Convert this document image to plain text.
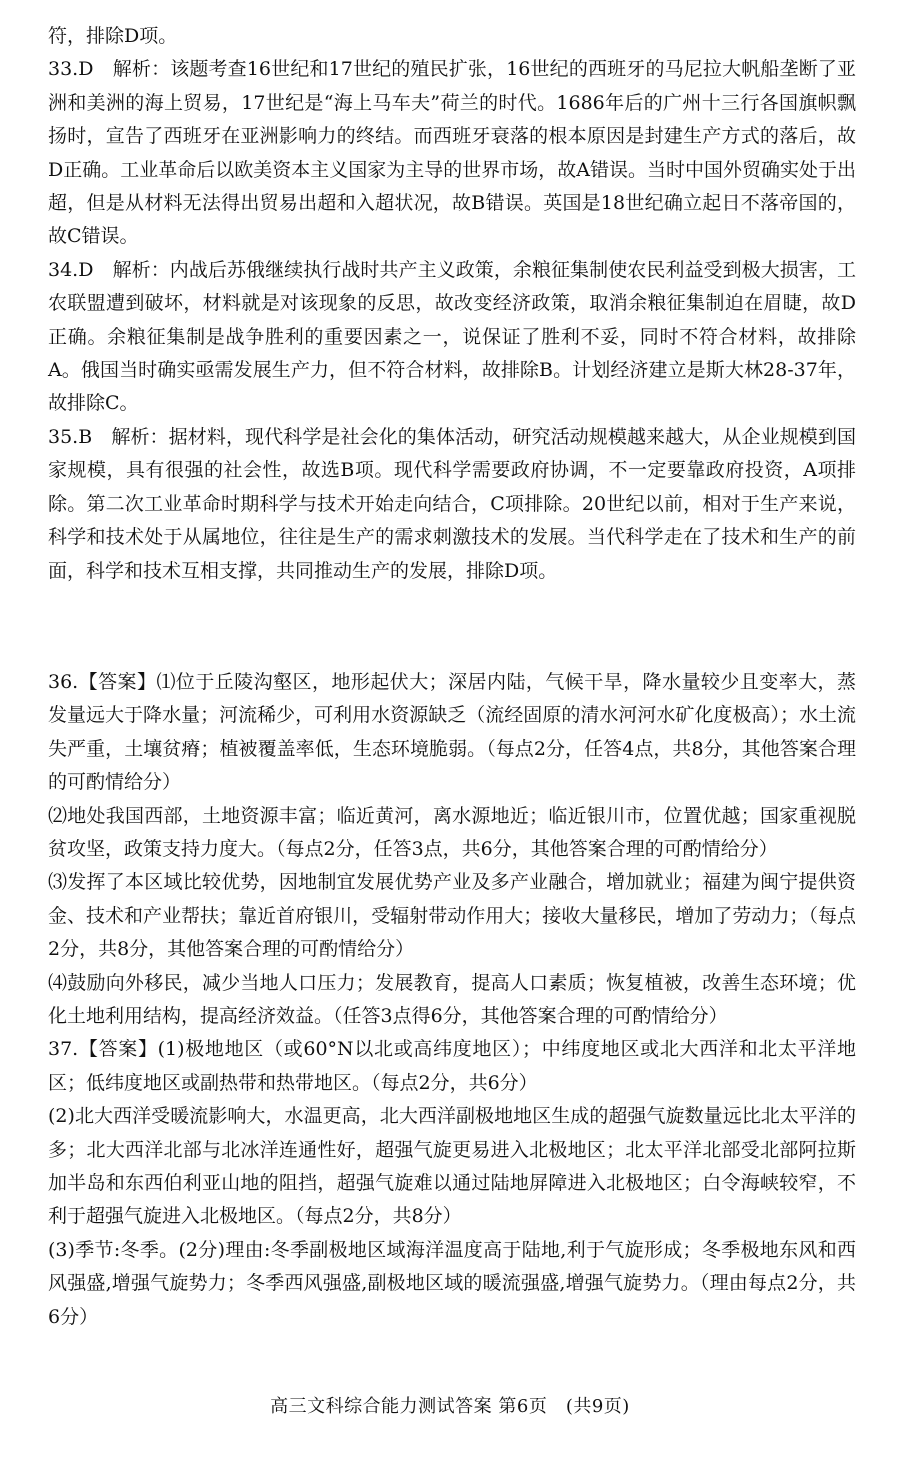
符，排除D项。

33.D　解析：该题考查16世纪和17世纪的殖民扩张，16世纪的西班牙的马尼拉大帆船垄断了亚洲和美洲的海上贸易，17世纪是“海上马车夫”荷兰的时代。1686年后的广州十三行各国旗帜飘扬时，宣告了西班牙在亚洲影响力的终结。而西班牙衰落的根本原因是封建生产方式的落后，故D正确。工业革命后以欧美资本主义国家为主导的世界市场，故A错误。当时中国外贸确实处于出超，但是从材料无法得出贸易出超和入超状况，故B错误。英国是18世纪确立起日不落帝国的，故C错误。

34.D　解析：内战后苏俄继续执行战时共产主义政策，余粮征集制使农民利益受到极大损害，工农联盟遭到破坏，材料就是对该现象的反思，故改变经济政策，取消余粮征集制迫在眉睫，故D正确。余粮征集制是战争胜利的重要因素之一，说保证了胜利不妥，同时不符合材料，故排除A。俄国当时确实亟需发展生产力，但不符合材料，故排除B。计划经济建立是斯大林28-37年，故排除C。

35.B　解析：据材料，现代科学是社会化的集体活动，研究活动规模越来越大，从企业规模到国家规模，具有很强的社会性，故选B项。现代科学需要政府协调，不一定要靠政府投资，A项排除。第二次工业革命时期科学与技术开始走向结合，C项排除。20世纪以前，相对于生产来说，科学和技术处于从属地位，往往是生产的需求刺激技术的发展。当代科学走在了技术和生产的前面，科学和技术互相支撑，共同推动生产的发展，排除D项。

36.【答案】⑴位于丘陵沟壑区，地形起伏大；深居内陆，气候干旱，降水量较少且变率大，蒸发量远大于降水量；河流稀少，可利用水资源缺乏（流经固原的清水河河水矿化度极高）；水土流失严重，土壤贫瘠；植被覆盖率低，生态环境脆弱。（每点2分，任答4点，共8分，其他答案合理的可酌情给分）

⑵地处我国西部，土地资源丰富；临近黄河，离水源地近；临近银川市，位置优越；国家重视脱贫攻坚，政策支持力度大。（每点2分，任答3点，共6分，其他答案合理的可酌情给分）

⑶发挥了本区域比较优势，因地制宜发展优势产业及多产业融合，增加就业；福建为闽宁提供资金、技术和产业帮扶；靠近首府银川，受辐射带动作用大；接收大量移民，增加了劳动力；（每点2分，共8分，其他答案合理的可酌情给分）

⑷鼓励向外移民，减少当地人口压力；发展教育，提高人口素质；恢复植被，改善生态环境；优化土地利用结构，提高经济效益。（任答3点得6分，其他答案合理的可酌情给分）

37.【答案】(1)极地地区（或60°N以北或高纬度地区）；中纬度地区或北大西洋和北太平洋地区；低纬度地区或副热带和热带地区。（每点2分，共6分）

(2)北大西洋受暖流影响大，水温更高，北大西洋副极地地区生成的超强气旋数量远比北太平洋的多；北大西洋北部与北冰洋连通性好，超强气旋更易进入北极地区；北太平洋北部受北部阿拉斯加半岛和东西伯利亚山地的阻挡，超强气旋难以通过陆地屏障进入北极地区；白令海峡较窄，不利于超强气旋进入北极地区。（每点2分，共8分）

(3)季节:冬季。(2分)理由:冬季副极地区域海洋温度高于陆地,利于气旋形成；冬季极地东风和西风强盛,增强气旋势力；冬季西风强盛,副极地区域的暖流强盛,增强气旋势力。（理由每点2分，共6分）

高三文科综合能力测试答案 第6页　(共9页)
